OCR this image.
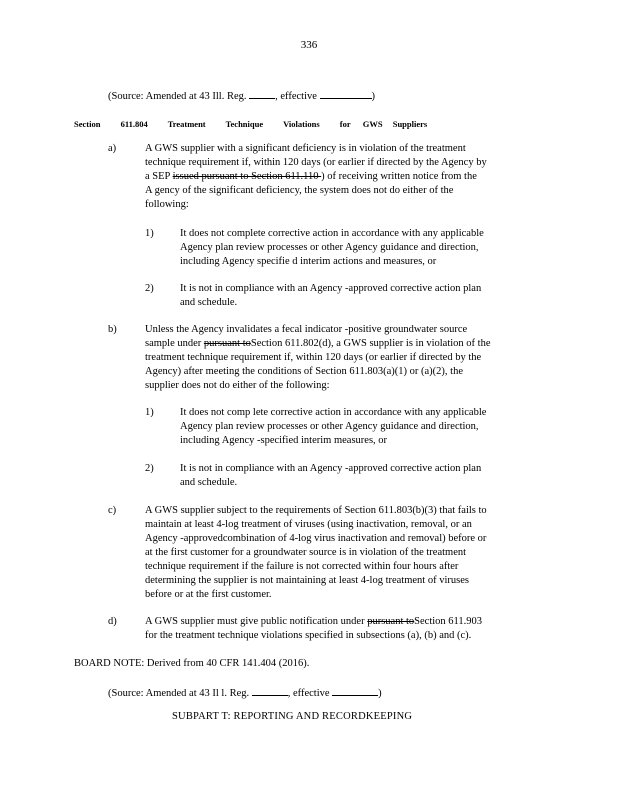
336
(Source: Amended at 43 Ill. Reg.	, effective	)
Section 611.804 Treatment Technique Violations for GWS Suppliers
a)	A GWS supplier with a significant deficiency is in violation of the treatment
technique requirement if, within 120 days (or earlier if directed by the Agency by
a SEP issued pursuant to Section 611.110 ) of receiving written notice from the
A gency of the significant deficiency, the system does not do either of the
following:
1)	It does not complete corrective action in accordance with any applicable
Agency plan review processes or other Agency guidance and direction,
including Agency specifie d interim actions and measures, or
2)	It is not in compliance with an Agency -approved corrective action plan
and schedule.
b)	Unless the Agency invalidates a fecal indicator -positive groundwater source
sample under pursuant toSection 611.802(d), a GWS supplier is in violation of the
treatment technique requirement if, within 120 days (or earlier if directed by the
Agency) after meeting the conditions of Section 611.803(a)(1) or (a)(2), the
supplier does not do either of the following:
1)	It does not comp lete corrective action in accordance with any applicable
Agency plan review processes or other Agency guidance and direction,
including Agency -specified interim measures, or
2)	It is not in compliance with an Agency -approved corrective action plan
and schedule.
c)	A GWS supplier subject to the requirements of Section 611.803(b)(3) that fails to
maintain at least 4-log treatment of viruses (using inactivation, removal, or an
Agency -approvedcombination of 4-log virus inactivation and removal) before or
at the first customer for a groundwater source is in violation of the treatment
technique requirement if the failure is not corrected within four hours after
determining the supplier is not maintaining at least 4-log treatment of viruses
before or at the first customer.
d)	A GWS supplier must give public notification under pursuant toSection 611.903
for the treatment technique violations specified in subsections (a), (b) and (c).
BOARD NOTE: Derived from 40 CFR 141.404 (2016).
(Source: Amended at 43 Il l. Reg.	, effective	)
SUBPART T: REPORTING AND RECORDKEEPING
